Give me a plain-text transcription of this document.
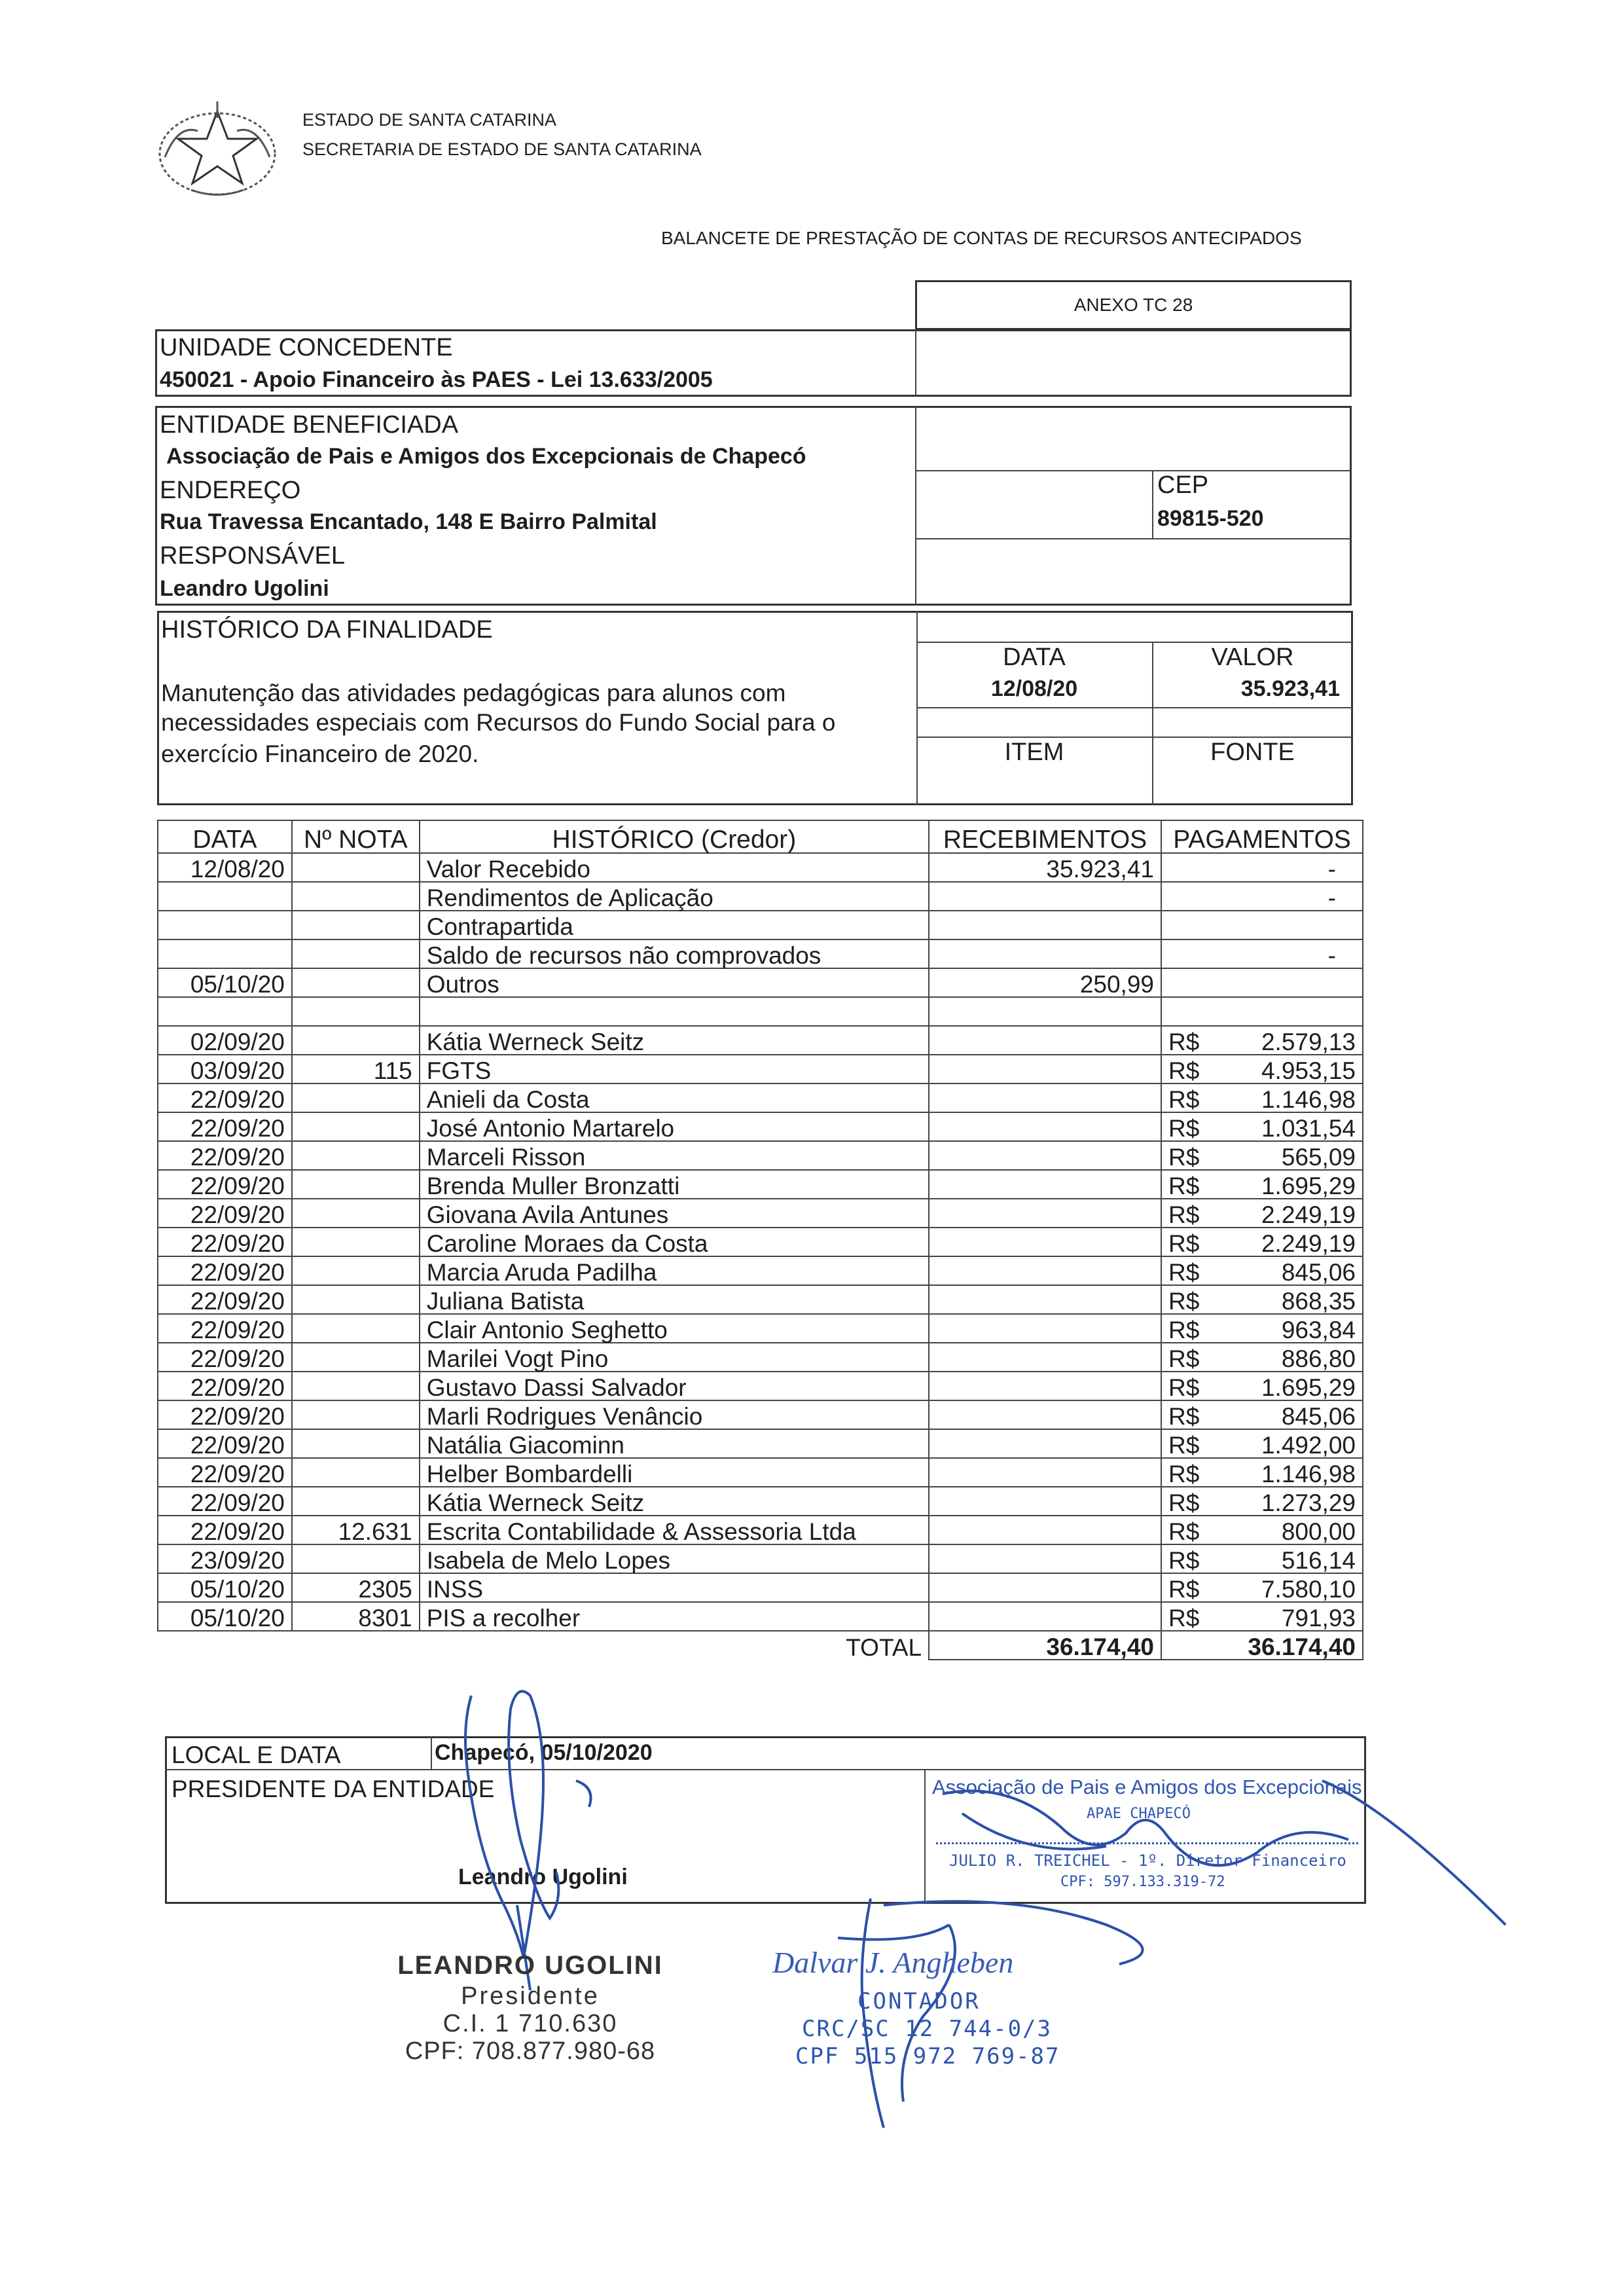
ESTADO DE SANTA CATARINA
SECRETARIA DE ESTADO DE SANTA CATARINA
BALANCETE DE PRESTAÇÃO DE CONTAS DE RECURSOS ANTECIPADOS
ANEXO TC 28
UNIDADE CONCEDENTE
450021 - Apoio Financeiro às PAES - Lei 13.633/2005
ENTIDADE BENEFICIADA
Associação de Pais e Amigos dos Excepcionais de Chapecó
ENDEREÇO
Rua Travessa Encantado, 148 E Bairro Palmital
CEP
89815-520
RESPONSÁVEL
Leandro Ugolini
HISTÓRICO DA FINALIDADE
Manutenção das atividades pedagógicas para alunos com
necessidades especiais com Recursos do Fundo Social para o
exercício Financeiro de 2020.
DATA
12/08/20
VALOR
35.923,41
ITEM	FONTE
DATA	Nº NOTA	HISTÓRICO (Credor)	RECEBIMENTOS	PAGAMENTOS
12/08/20		Valor Recebido	35.923,41	-
		Rendimentos de Aplicação		-
		Contrapartida		
		Saldo de recursos não comprovados		-
05/10/20		Outros	250,99	

02/09/20		Kátia Werneck Seitz		R$ 2.579,13

03/09/20	115	FGTS		R$ 4.953,15

22/09/20		Anieli da Costa		R$ 1.146,98

22/09/20		José Antonio Martarelo		R$ 1.031,54

22/09/20		Marceli Risson		R$ 565,09

22/09/20		Brenda Muller Bronzatti		R$ 1.695,29

22/09/20		Giovana Avila Antunes		R$ 2.249,19

22/09/20		Caroline Moraes da Costa		R$ 2.249,19

22/09/20		Marcia Aruda Padilha		R$ 845,06

22/09/20		Juliana Batista		R$ 868,35

22/09/20		Clair Antonio Seghetto		R$ 963,84

22/09/20		Marilei Vogt Pino		R$ 886,80

22/09/20		Gustavo Dassi Salvador		R$ 1.695,29

22/09/20		Marli Rodrigues Venâncio		R$ 845,06

22/09/20		Natália Giacominn		R$ 1.492,00

22/09/20		Helber Bombardelli		R$ 1.146,98

22/09/20		Kátia Werneck Seitz		R$ 1.273,29

22/09/20	12.631	Escrita Contabilidade & Assessoria Ltda		R$ 800,00

23/09/20		Isabela de Melo Lopes		R$ 516,14

05/10/20	2305	INSS		R$ 7.580,10

05/10/20	8301	PIS a recolher		R$ 791,93

TOTAL			36.174,40	36.174,40
LOCAL E DATA	Chapecó, 05/10/2020
PRESIDENTE DA ENTIDADE
Leandro Ugolini
Associação de Pais e Amigos dos Excepcionais
APAE CHAPECÓ
JULIO R. TREICHEL - 1º. Diretor Financeiro
CPF: 597.133.319-72
LEANDRO UGOLINI
Presidente
C.I. 1 710.630
CPF: 708.877.980-68
Dalvar J. Angheben
CONTADOR
CRC/SC 12 744-0/3
CPF 515 972 769-87
